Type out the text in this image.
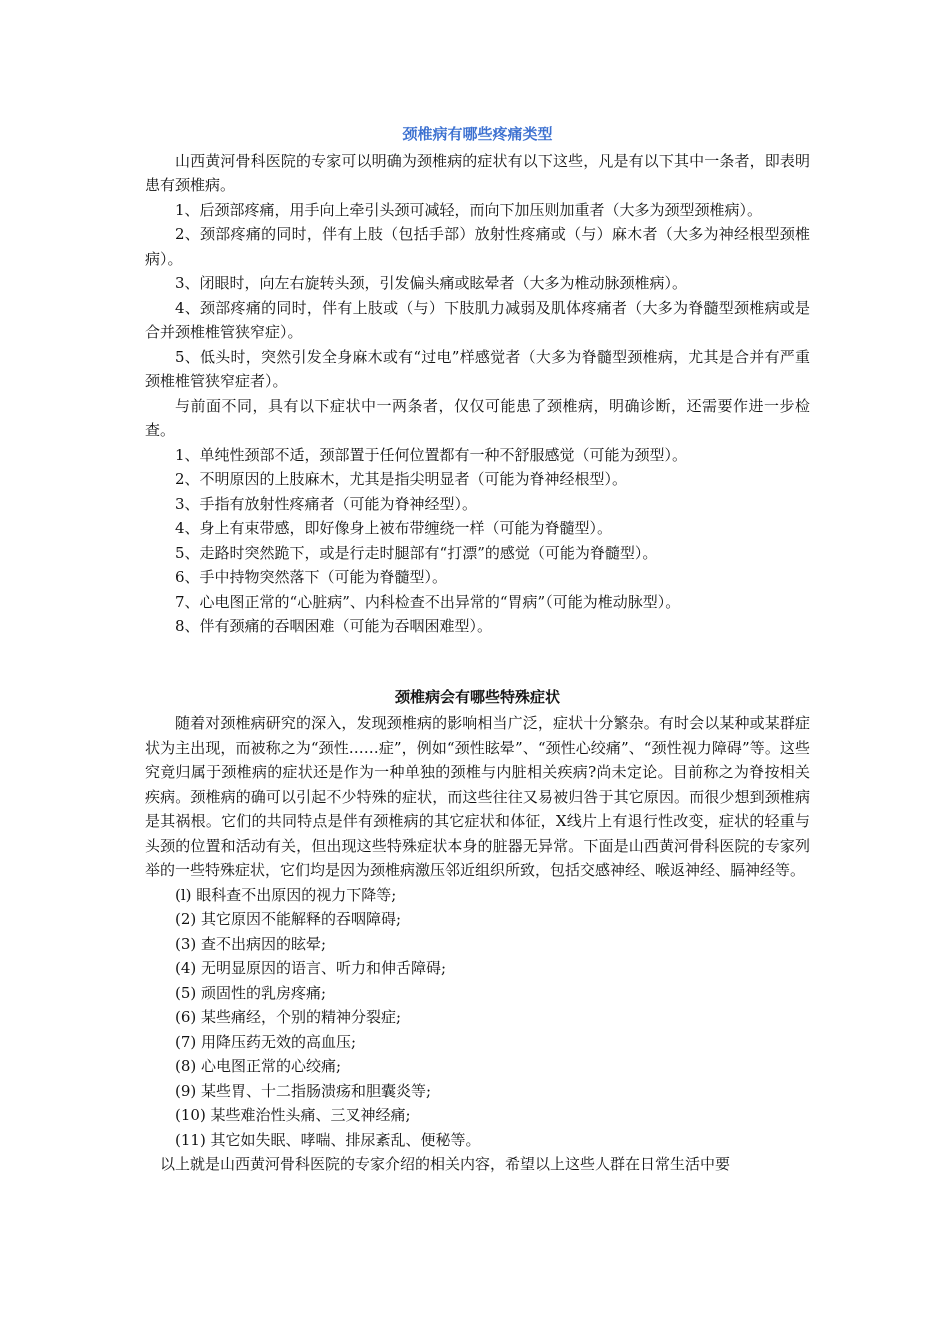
颈椎病有哪些疼痛类型

山西黄河骨科医院的专家可以明确为颈椎病的症状有以下这些，凡是有以下其中一条者，即表明患有颈椎病。

1、后颈部疼痛，用手向上牵引头颈可减轻，而向下加压则加重者（大多为颈型颈椎病）。

2、颈部疼痛的同时，伴有上肢（包括手部）放射性疼痛或（与）麻木者（大多为神经根型颈椎病）。

3、闭眼时，向左右旋转头颈，引发偏头痛或眩晕者（大多为椎动脉颈椎病）。

4、颈部疼痛的同时，伴有上肢或（与）下肢肌力减弱及肌体疼痛者（大多为脊髓型颈椎病或是合并颈椎椎管狭窄症）。

5、低头时，突然引发全身麻木或有“过电”样感觉者（大多为脊髓型颈椎病，尤其是合并有严重颈椎椎管狭窄症者）。

与前面不同，具有以下症状中一两条者，仅仅可能患了颈椎病，明确诊断，还需要作进一步检查。

1、单纯性颈部不适，颈部置于任何位置都有一种不舒服感觉（可能为颈型）。

2、不明原因的上肢麻木，尤其是指尖明显者（可能为脊神经根型）。

3、手指有放射性疼痛者（可能为脊神经型）。

4、身上有束带感，即好像身上被布带缠绕一样（可能为脊髓型）。

5、走路时突然跪下，或是行走时腿部有“打漂”的感觉（可能为脊髓型）。

6、手中持物突然落下（可能为脊髓型）。

7、心电图正常的“心脏病”、内科检查不出异常的“胃病”（可能为椎动脉型）。

8、伴有颈痛的吞咽困难（可能为吞咽困难型）。

颈椎病会有哪些特殊症状

随着对颈椎病研究的深入，发现颈椎病的影响相当广泛，症状十分繁杂。有时会以某种或某群症状为主出现，而被称之为“颈性……症”，例如“颈性眩晕”、“颈性心绞痛”、“颈性视力障碍”等。这些究竟归属于颈椎病的症状还是作为一种单独的颈椎与内脏相关疾病?尚未定论。目前称之为脊按相关疾病。颈椎病的确可以引起不少特殊的症状，而这些往往又易被归咎于其它原因。而很少想到颈椎病是其祸根。它们的共同特点是伴有颈椎病的其它症状和体征，X线片上有退行性改变，症状的轻重与头颈的位置和活动有关，但出现这些特殊症状本身的脏器无异常。下面是山西黄河骨科医院的专家列举的一些特殊症状，它们均是因为颈椎病激压邻近组织所致，包括交感神经、喉返神经、膈神经等。

(l) 眼科查不出原因的视力下降等;

(2) 其它原因不能解释的吞咽障碍;

(3) 查不出病因的眩晕;

(4) 无明显原因的语言、听力和伸舌障碍;

(5) 顽固性的乳房疼痛;

(6) 某些痛经，个别的精神分裂症;

(7) 用降压药无效的高血压;

(8) 心电图正常的心绞痛;

(9) 某些胃、十二指肠溃疡和胆囊炎等;

(10) 某些难治性头痛、三叉神经痛;

(11) 其它如失眠、哮喘、排尿紊乱、便秘等。

以上就是山西黄河骨科医院的专家介绍的相关内容，希望以上这些人群在日常生活中要
